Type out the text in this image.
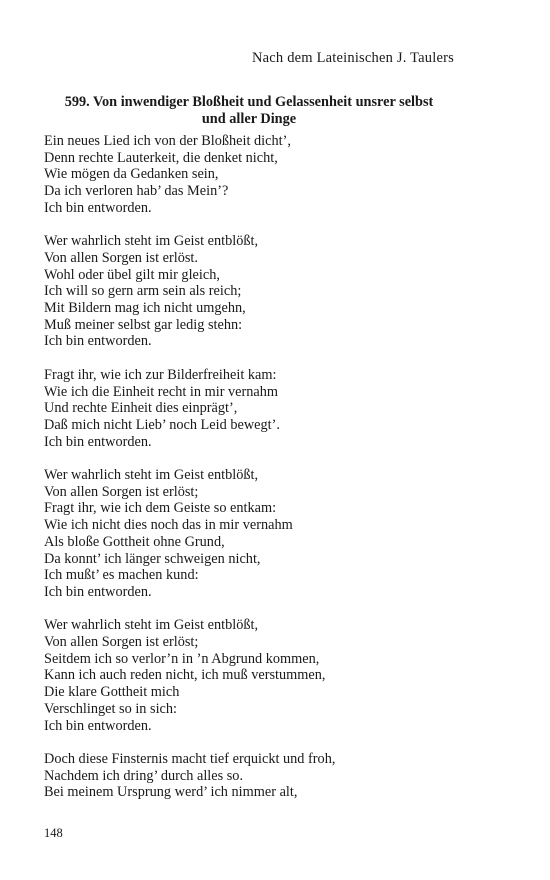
Nach dem Lateinischen J. Taulers
599. Von inwendiger Bloßheit und Gelassenheit unsrer selbst
und aller Dinge
Ein neues Lied ich von der Bloßheit dicht’,
Denn rechte Lauterkeit, die denket nicht,
Wie mögen da Gedanken sein,
Da ich verloren hab’ das Mein’?
Ich bin entworden.
Wer wahrlich steht im Geist entblößt,
Von allen Sorgen ist erlöst.
Wohl oder übel gilt mir gleich,
Ich will so gern arm sein als reich;
Mit Bildern mag ich nicht umgehn,
Muß meiner selbst gar ledig stehn:
Ich bin entworden.
Fragt ihr, wie ich zur Bilderfreiheit kam:
Wie ich die Einheit recht in mir vernahm
Und rechte Einheit dies einprägt’,
Daß mich nicht Lieb’ noch Leid bewegt’.
Ich bin entworden.
Wer wahrlich steht im Geist entblößt,
Von allen Sorgen ist erlöst;
Fragt ihr, wie ich dem Geiste so entkam:
Wie ich nicht dies noch das in mir vernahm
Als bloße Gottheit ohne Grund,
Da konnt’ ich länger schweigen nicht,
Ich mußt’ es machen kund:
Ich bin entworden.
Wer wahrlich steht im Geist entblößt,
Von allen Sorgen ist erlöst;
Seitdem ich so verlor’n in ’n Abgrund kommen,
Kann ich auch reden nicht, ich muß verstummen,
Die klare Gottheit mich
Verschlinget so in sich:
Ich bin entworden.
Doch diese Finsternis macht tief erquickt und froh,
Nachdem ich dring’ durch alles so.
Bei meinem Ursprung werd’ ich nimmer alt,
148
